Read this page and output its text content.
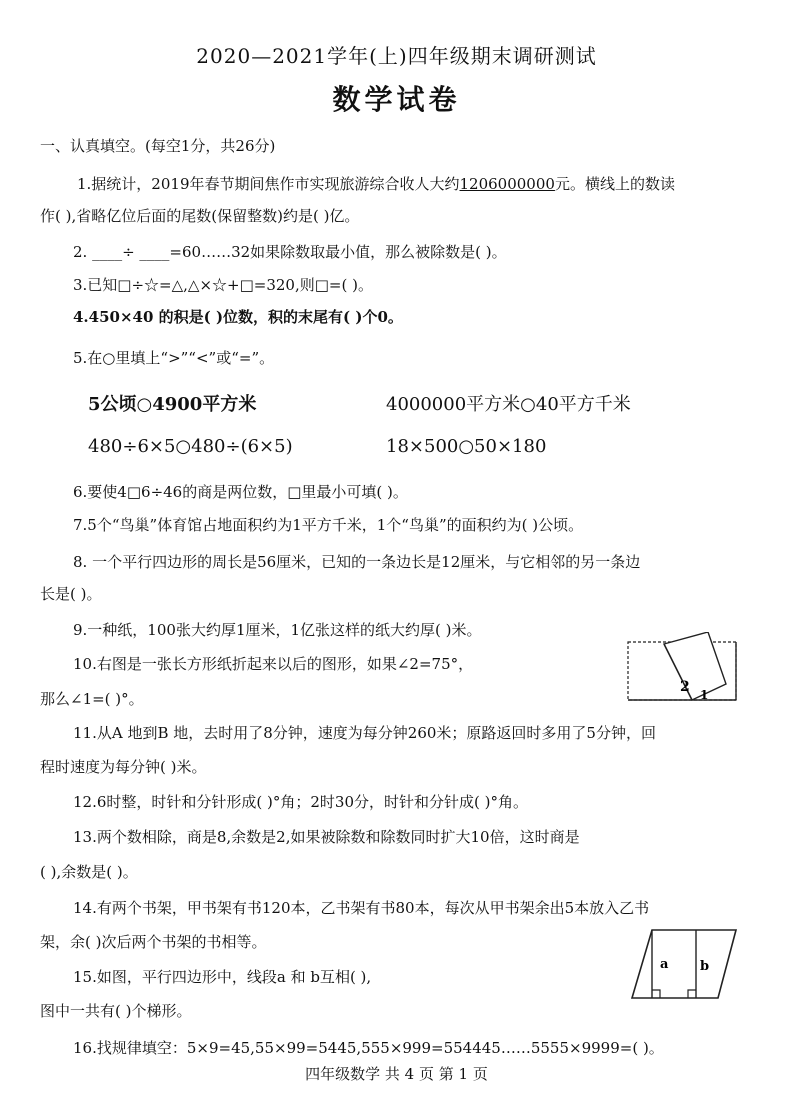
2020—2021学年(上)四年级期末调研测试
数学试卷
一、认真填空。(每空1分，共26分)
1.据统计，2019年春节期间焦作市实现旅游综合收人大约1206000000元。横线上的数读
作( ),省略亿位后面的尾数(保留整数)约是( )亿。
2. ____÷ ____=60……32如果除数取最小值，那么被除数是( )。
3.已知□÷☆=△,△×☆+□=320,则□=( )。
4.450×40 的积是( )位数，积的末尾有( )个0。
5.在○里填上“>”“<”或“=”。
5公顷○4900平方米	4000000平方米○40平方千米
480÷6×5○480÷(6×5)	18×500○50×180
6.要使4□6÷46的商是两位数，□里最小可填( )。
7.5个“鸟巢”体育馆占地面积约为1平方千米，1个“鸟巢”的面积约为( )公顷。
8. 一个平行四边形的周长是56厘米，已知的一条边长是12厘米，与它相邻的另一条边
长是( )。
9.一种纸，100张大约厚1厘米，1亿张这样的纸大约厚( )米。
10.右图是一张长方形纸折起来以后的图形，如果∠2=75°，
那么∠1=( )°。
2 1
11.从A 地到B 地，去时用了8分钟，速度为每分钟260米；原路返回时多用了5分钟，回
程时速度为每分钟( )米。
12.6时整，时针和分针形成( )°角；2时30分，时针和分针成( )°角。
13.两个数相除，商是8,余数是2,如果被除数和除数同时扩大10倍，这时商是
( ),余数是( )。
14.有两个书架，甲书架有书120本，乙书架有书80本，每次从甲书架余出5本放入乙书
架，余( )次后两个书架的书相等。
15.如图，平行四边形中，线段a 和 b互相( ),
图中一共有( )个梯形。
a b
16.找规律填空：5×9=45,55×99=5445,555×999=554445……5555×9999=( )。
四年级数学 共 4 页 第 1 页
